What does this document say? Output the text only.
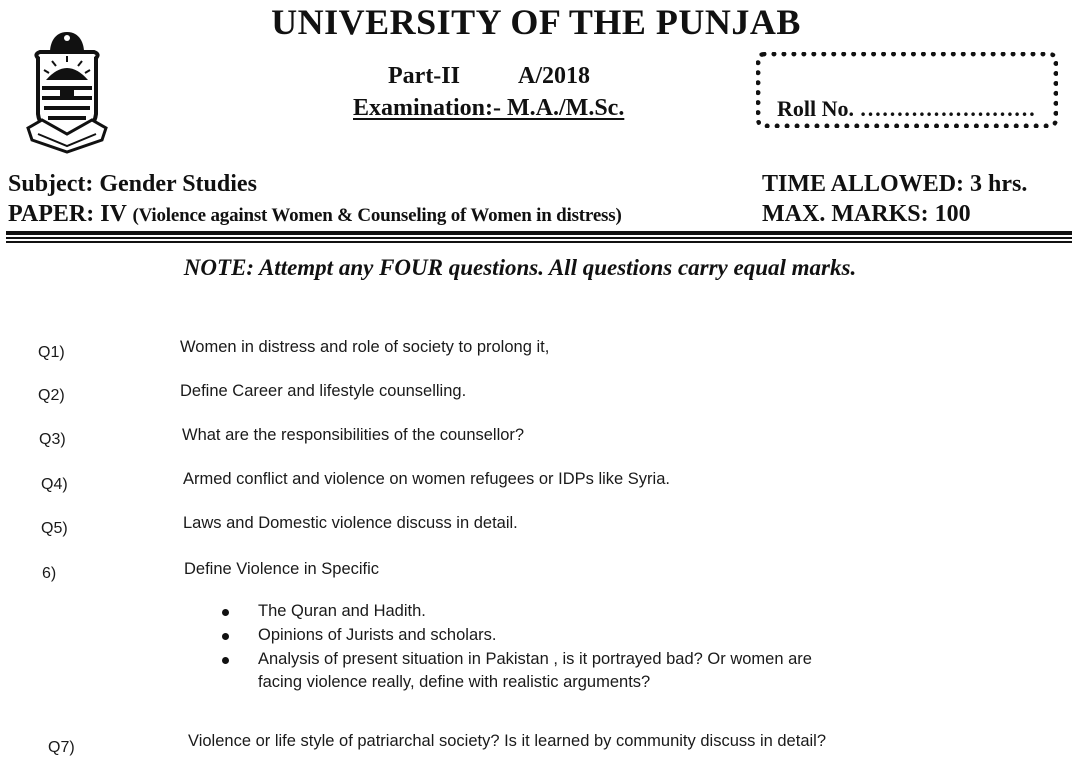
UNIVERSITY OF THE PUNJAB
Part-II A/2018
Examination:- M.A./M.Sc.	Roll No. ……………………
Subject: Gender Studies
PAPER: IV (Violence against Women & Counseling of Women in distress)
TIME ALLOWED: 3 hrs.
MAX. MARKS: 100
NOTE: Attempt any FOUR questions. All questions carry equal marks.
Q1)	Women in distress and role of society to prolong it,
Q2)	Define Career and lifestyle counselling.
Q3)	What are the responsibilities of the counsellor?
Q4)	Armed conflict and violence on women refugees or IDPs like Syria.
Q5)	Laws and Domestic violence discuss in detail.
6)	Define Violence in Specific
The Quran and Hadith.
Opinions of Jurists and scholars.
Analysis of present situation in Pakistan , is it portrayed bad? Or women are
facing violence really, define with realistic arguments?
Q7)	Violence or life style of patriarchal society? Is it learned by community discuss in detail?
